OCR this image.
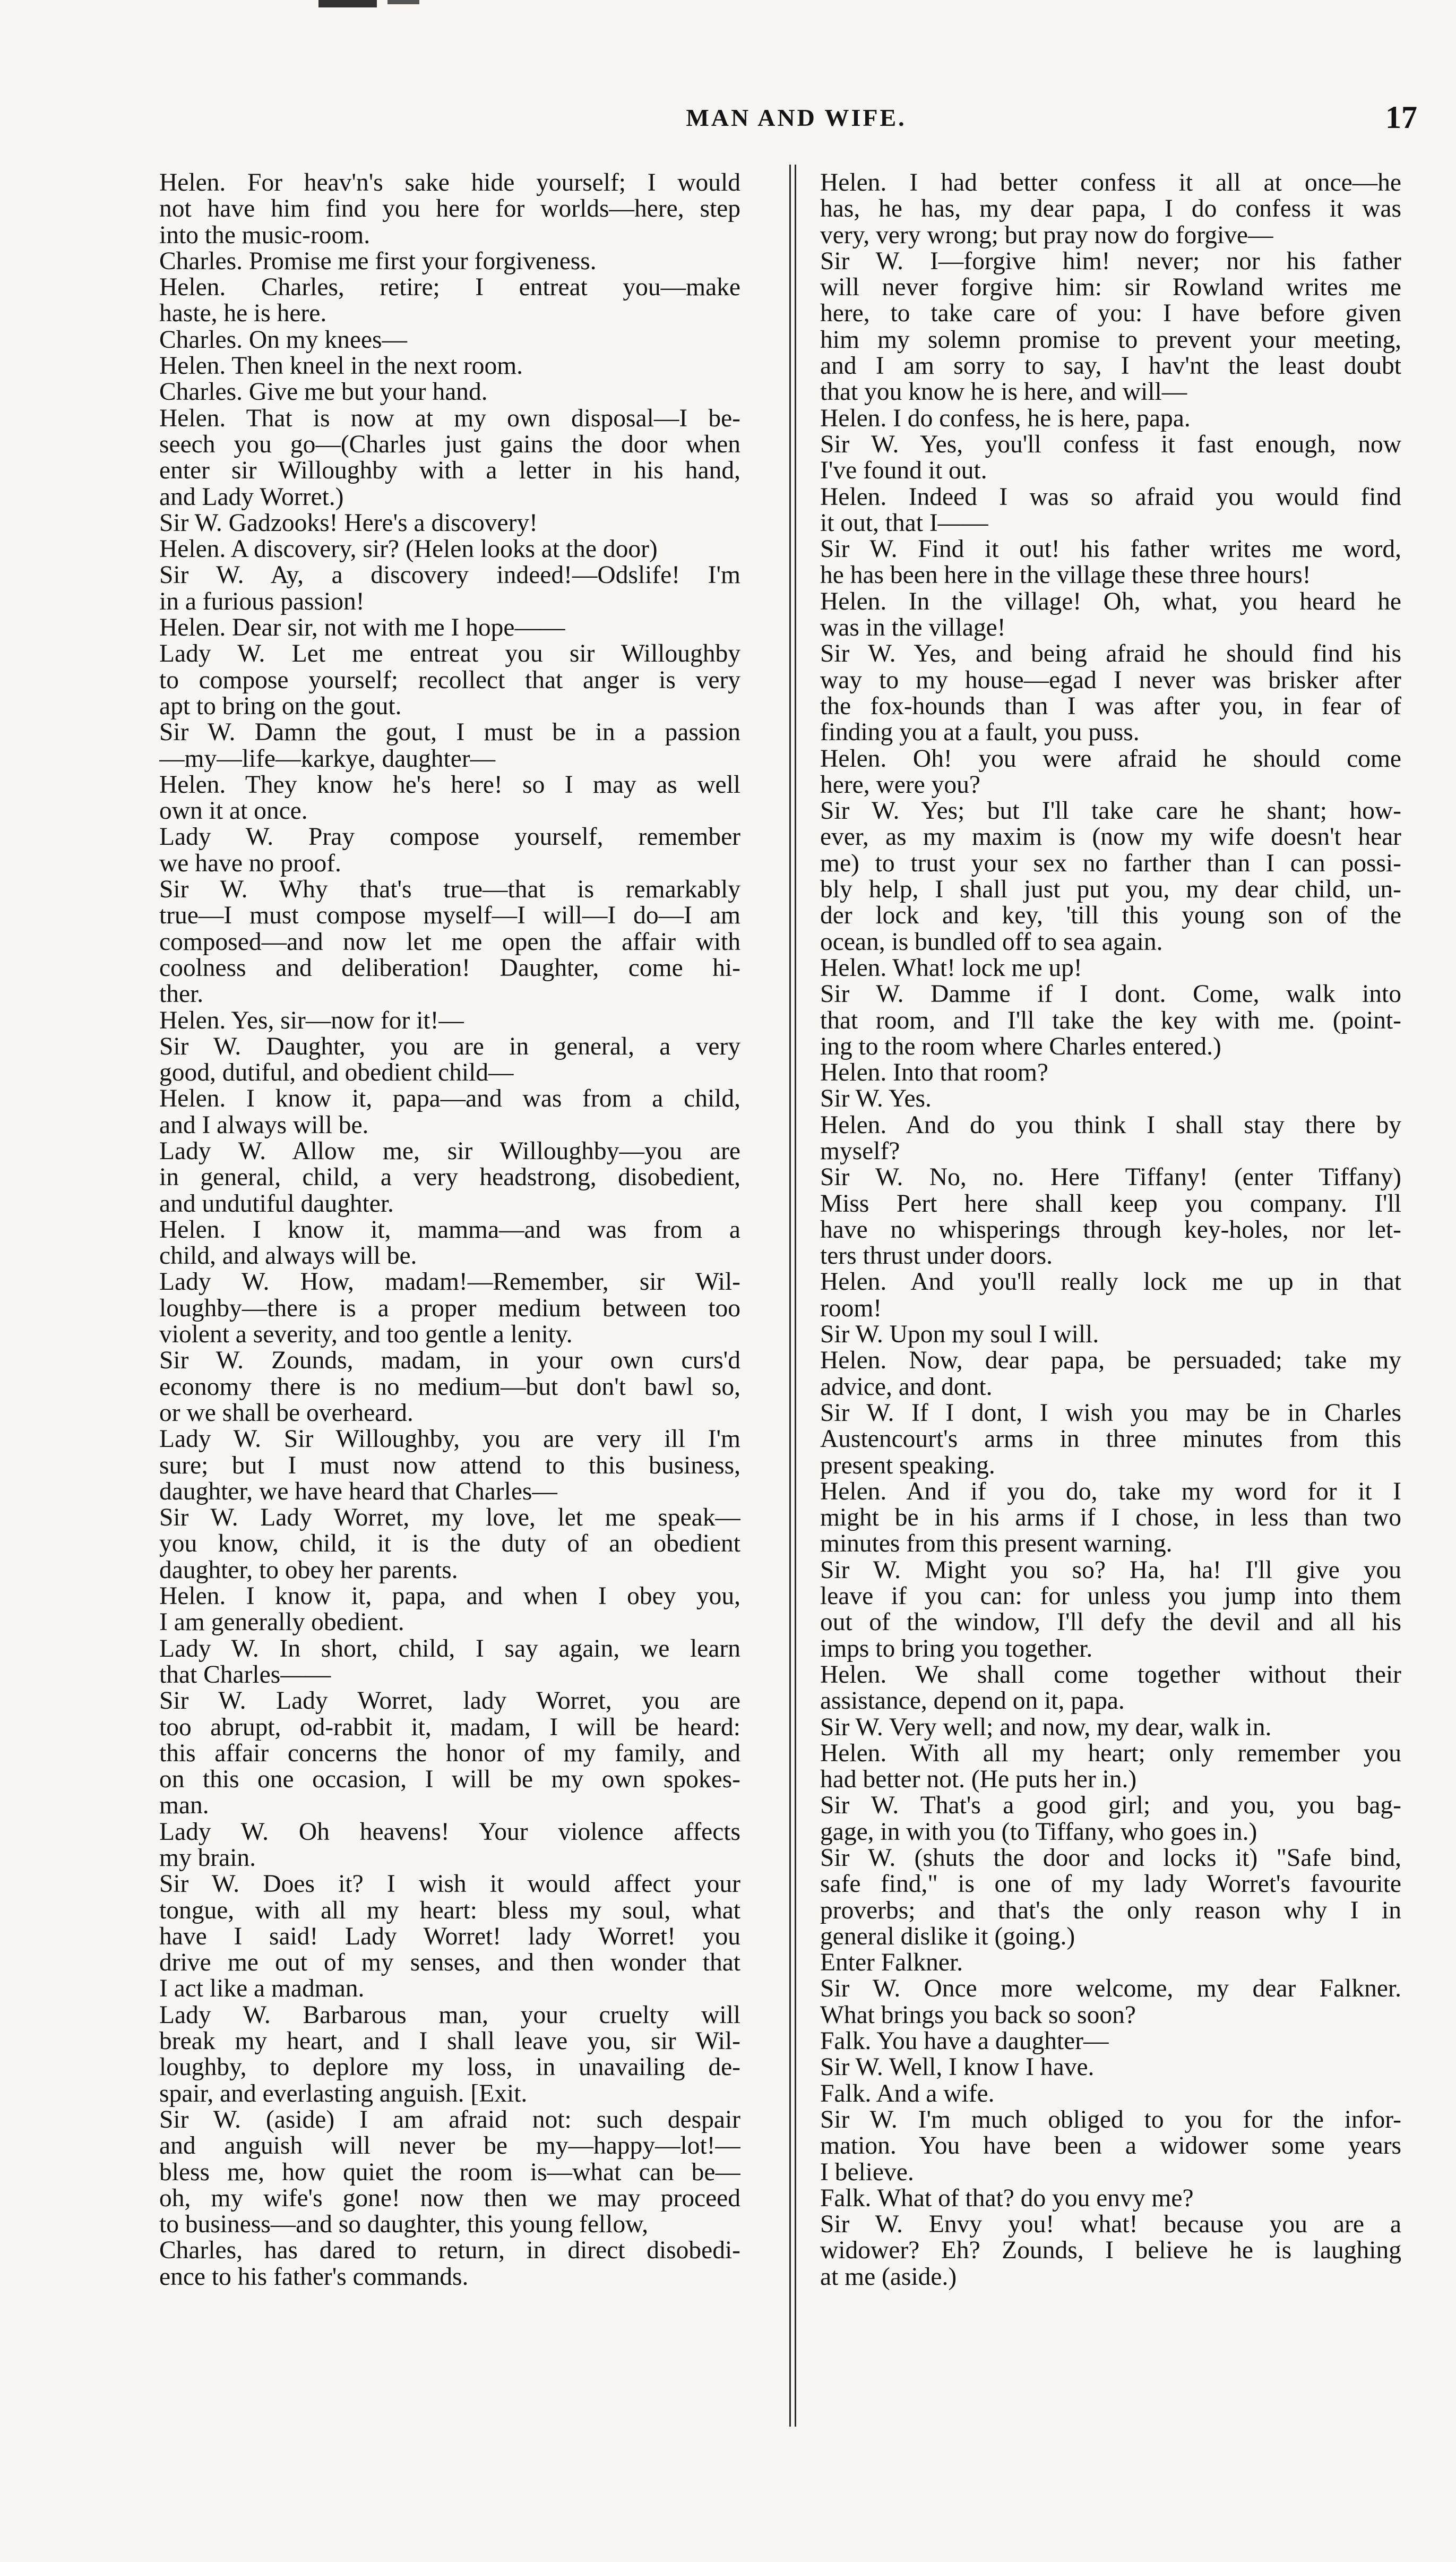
MAN AND WIFE.	17
Helen. For heav'n's sake hide yourself; I would
not have him find you here for worlds—here, step
into the music-room.
Charles. Promise me first your forgiveness.
Helen. Charles, retire; I entreat you—make
haste, he is here.
Charles. On my knees—
Helen. Then kneel in the next room.
Charles. Give me but your hand.
Helen. That is now at my own disposal—I be-
seech you go—(Charles just gains the door when
enter sir Willoughby with a letter in his hand,
and Lady Worret.)
Sir W. Gadzooks! Here's a discovery!
Helen. A discovery, sir? (Helen looks at the door)
Sir W. Ay, a discovery indeed!—Odslife! I'm
in a furious passion!
Helen. Dear sir, not with me I hope——
Lady W. Let me entreat you sir Willoughby
to compose yourself; recollect that anger is very
apt to bring on the gout.
Sir W. Damn the gout, I must be in a passion
—my—life—karkye, daughter—
Helen. They know he's here! so I may as well
own it at once.
Lady W. Pray compose yourself, remember
we have no proof.
Sir W. Why that's true—that is remarkably
true—I must compose myself—I will—I do—I am
composed—and now let me open the affair with
coolness and deliberation! Daughter, come hi-
ther.
Helen. Yes, sir—now for it!—
Sir W. Daughter, you are in general, a very
good, dutiful, and obedient child—
Helen. I know it, papa—and was from a child,
and I always will be.
Lady W. Allow me, sir Willoughby—you are
in general, child, a very headstrong, disobedient,
and undutiful daughter.
Helen. I know it, mamma—and was from a
child, and always will be.
Lady W. How, madam!—Remember, sir Wil-
loughby—there is a proper medium between too
violent a severity, and too gentle a lenity.
Sir W. Zounds, madam, in your own curs'd
economy there is no medium—but don't bawl so,
or we shall be overheard.
Lady W. Sir Willoughby, you are very ill I'm
sure; but I must now attend to this business,
daughter, we have heard that Charles—
Sir W. Lady Worret, my love, let me speak—
you know, child, it is the duty of an obedient
daughter, to obey her parents.
Helen. I know it, papa, and when I obey you,
I am generally obedient.
Lady W. In short, child, I say again, we learn
that Charles——
Sir W. Lady Worret, lady Worret, you are
too abrupt, od-rabbit it, madam, I will be heard:
this affair concerns the honor of my family, and
on this one occasion, I will be my own spokes-
man.
Lady W. Oh heavens! Your violence affects
my brain.
Sir W. Does it? I wish it would affect your
tongue, with all my heart: bless my soul, what
have I said! Lady Worret! lady Worret! you
drive me out of my senses, and then wonder that
I act like a madman.
Lady W. Barbarous man, your cruelty will
break my heart, and I shall leave you, sir Wil-
loughby, to deplore my loss, in unavailing de-
spair, and everlasting anguish. [Exit.
Sir W. (aside) I am afraid not: such despair
and anguish will never be my—happy—lot!—
bless me, how quiet the room is—what can be—
oh, my wife's gone! now then we may proceed
to business—and so daughter, this young fellow,
Charles, has dared to return, in direct disobedi-
ence to his father's commands.
Helen. I had better confess it all at once—he
has, he has, my dear papa, I do confess it was
very, very wrong; but pray now do forgive—
Sir W. I—forgive him! never; nor his father
will never forgive him: sir Rowland writes me
here, to take care of you: I have before given
him my solemn promise to prevent your meeting,
and I am sorry to say, I hav'nt the least doubt
that you know he is here, and will—
Helen. I do confess, he is here, papa.
Sir W. Yes, you'll confess it fast enough, now
I've found it out.
Helen. Indeed I was so afraid you would find
it out, that I——
Sir W. Find it out! his father writes me word,
he has been here in the village these three hours!
Helen. In the village! Oh, what, you heard he
was in the village!
Sir W. Yes, and being afraid he should find his
way to my house—egad I never was brisker after
the fox-hounds than I was after you, in fear of
finding you at a fault, you puss.
Helen. Oh! you were afraid he should come
here, were you?
Sir W. Yes; but I'll take care he shant; how-
ever, as my maxim is (now my wife doesn't hear
me) to trust your sex no farther than I can possi-
bly help, I shall just put you, my dear child, un-
der lock and key, 'till this young son of the
ocean, is bundled off to sea again.
Helen. What! lock me up!
Sir W. Damme if I dont. Come, walk into
that room, and I'll take the key with me. (point-
ing to the room where Charles entered.)
Helen. Into that room?
Sir W. Yes.
Helen. And do you think I shall stay there by
myself?
Sir W. No, no. Here Tiffany! (enter Tiffany)
Miss Pert here shall keep you company. I'll
have no whisperings through key-holes, nor let-
ters thrust under doors.
Helen. And you'll really lock me up in that
room!
Sir W. Upon my soul I will.
Helen. Now, dear papa, be persuaded; take my
advice, and dont.
Sir W. If I dont, I wish you may be in Charles
Austencourt's arms in three minutes from this
present speaking.
Helen. And if you do, take my word for it I
might be in his arms if I chose, in less than two
minutes from this present warning.
Sir W. Might you so? Ha, ha! I'll give you
leave if you can: for unless you jump into them
out of the window, I'll defy the devil and all his
imps to bring you together.
Helen. We shall come together without their
assistance, depend on it, papa.
Sir W. Very well; and now, my dear, walk in.
Helen. With all my heart; only remember you
had better not. (He puts her in.)
Sir W. That's a good girl; and you, you bag-
gage, in with you (to Tiffany, who goes in.)
Sir W. (shuts the door and locks it) "Safe bind,
safe find," is one of my lady Worret's favourite
proverbs; and that's the only reason why I in
general dislike it (going.)
Enter Falkner.
Sir W. Once more welcome, my dear Falkner.
What brings you back so soon?
Falk. You have a daughter—
Sir W. Well, I know I have.
Falk. And a wife.
Sir W. I'm much obliged to you for the infor-
mation. You have been a widower some years
I believe.
Falk. What of that? do you envy me?
Sir W. Envy you! what! because you are a
widower? Eh? Zounds, I believe he is laughing
at me (aside.)
